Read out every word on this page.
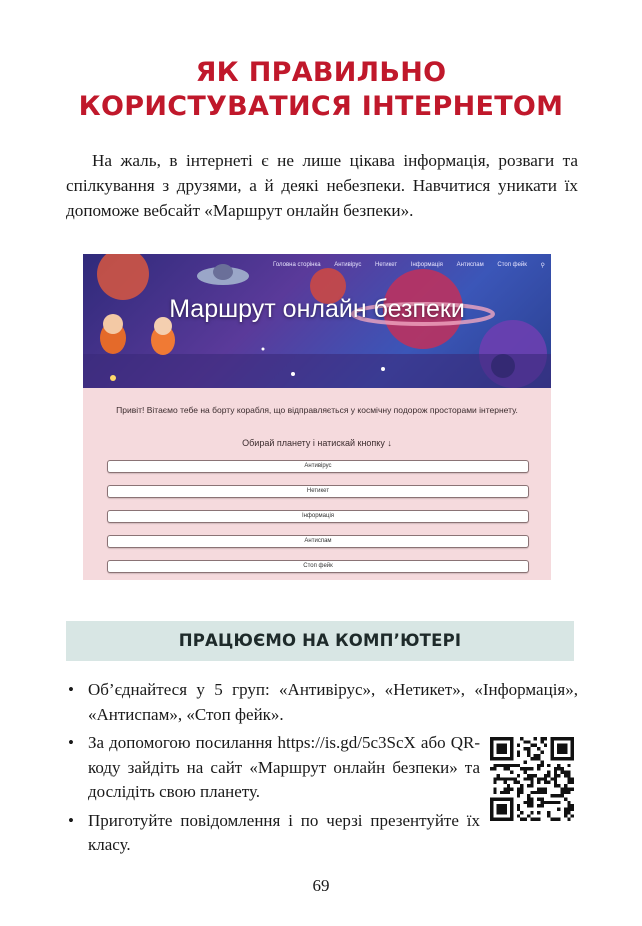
ЯК ПРАВИЛЬНО КОРИСТУВАТИСЯ ІНТЕРНЕТОМ

На жаль, в інтернеті є не лише цікава інформація, розваги та спілкування з друзями, а й деякі небезпеки. Навчитися уникати їх допоможе вебсайт «Маршрут онлайн безпеки».

Головна сторінка Антивірус Нетикет Інформація Антиспам Стоп фейк ⚲
Маршрут онлайн безпеки
Привіт! Вітаємо тебе на борту корабля, що відправляється у космічну подорож просторами інтернету.
Обирай планету і натискай кнопку ↓
Антивірус
Нетикет
Інформація
Антиспам
Стоп фейк
ПРАЦЮЄМО НА КОМП’ЮТЕРІ
• Об’єднайтеся у 5 груп: «Антивірус», «Нетикет», «Інформація», «Антиспам», «Стоп фейк».
• За допомогою посилання https://is.gd/5c3ScX або QR-коду зайдіть на сайт «Маршрут онлайн безпеки» та дослідіть свою планету.
• Приготуйте повідомлення і по черзі презентуйте їх класу.
69
